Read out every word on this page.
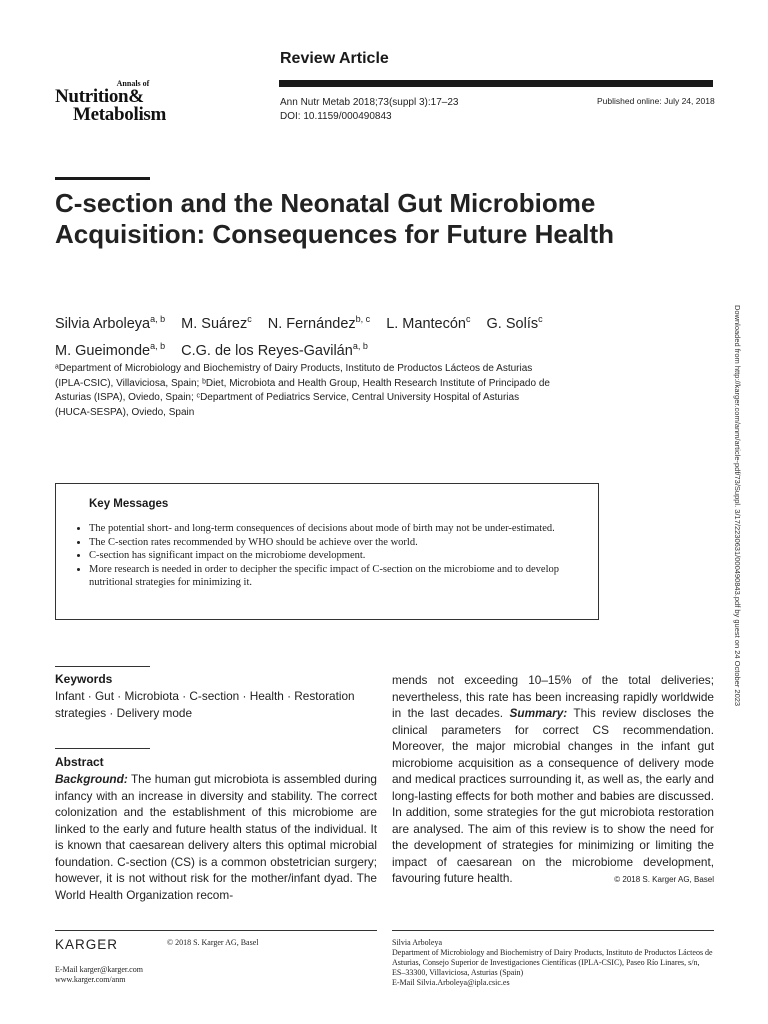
Review Article
Annals of
Nutrition&
Metabolism
Ann Nutr Metab 2018;73(suppl 3):17–23
DOI: 10.1159/000490843
Published online: July 24, 2018
C-section and the Neonatal Gut Microbiome Acquisition: Consequences for Future Health
Silvia Arboleya$^{a, b}$ M. Suárez$^c$ N. Fernández$^{b, c}$ L. Mantecón$^c$ G. Solís$^c$
M. Gueimonde$^{a, b}$ C.G. de los Reyes-Gavilán$^{a, b}$
ᵃDepartment of Microbiology and Biochemistry of Dairy Products, Instituto de Productos Lácteos de Asturias (IPLA-CSIC), Villaviciosa, Spain; ᵇDiet, Microbiota and Health Group, Health Research Institute of Principado de Asturias (ISPA), Oviedo, Spain; ᶜDepartment of Pediatrics Service, Central University Hospital of Asturias (HUCA-SESPA), Oviedo, Spain
Key Messages
• The potential short- and long-term consequences of decisions about mode of birth may not be under-estimated.
• The C-section rates recommended by WHO should be achieve over the world.
• C-section has significant impact on the microbiome development.
• More research is needed in order to decipher the specific impact of C-section on the microbiome and to develop nutritional strategies for minimizing it.	Downloaded from http://karger.com/anm/article-pdf/73/Suppl. 3/17/2230631/000490843.pdf by guest on 24 October 2023
Keywords
Infant · Gut · Microbiota · C-section · Health · Restoration strategies · Delivery mode
Abstract
Background: The human gut microbiota is assembled during infancy with an increase in diversity and stability. The correct colonization and the establishment of this microbiome are linked to the early and future health status of the individual. It is known that caesarean delivery alters this optimal microbial foundation. C-section (CS) is a common obstetrician surgery; however, it is not without risk for the mother/infant dyad. The World Health Organization recom-
mends not exceeding 10–15% of the total deliveries; nevertheless, this rate has been increasing rapidly worldwide in the last decades. Summary: This review discloses the clinical parameters for correct CS recommendation. Moreover, the major microbial changes in the infant gut microbiome acquisition as a consequence of delivery mode and medical practices surrounding it, as well as, the early and long-lasting effects for both mother and babies are discussed. In addition, some strategies for the gut microbiota restoration are analysed. The aim of this review is to show the need for the development of strategies for minimizing or limiting the impact of caesarean on the microbiome development, favouring future health.	© 2018 S. Karger AG, Basel
KARGER	© 2018 S. Karger AG, Basel
E-Mail karger@karger.com
www.karger.com/anm
Silvia Arboleya
Department of Microbiology and Biochemistry of Dairy Products, Instituto de Productos Lácteos de Asturias, Consejo Superior de Investigaciones Científicas (IPLA-CSIC), Paseo Río Linares, s/n, ES–33300, Villaviciosa, Asturias (Spain)
E-Mail Silvia.Arboleya@ipla.csic.es
